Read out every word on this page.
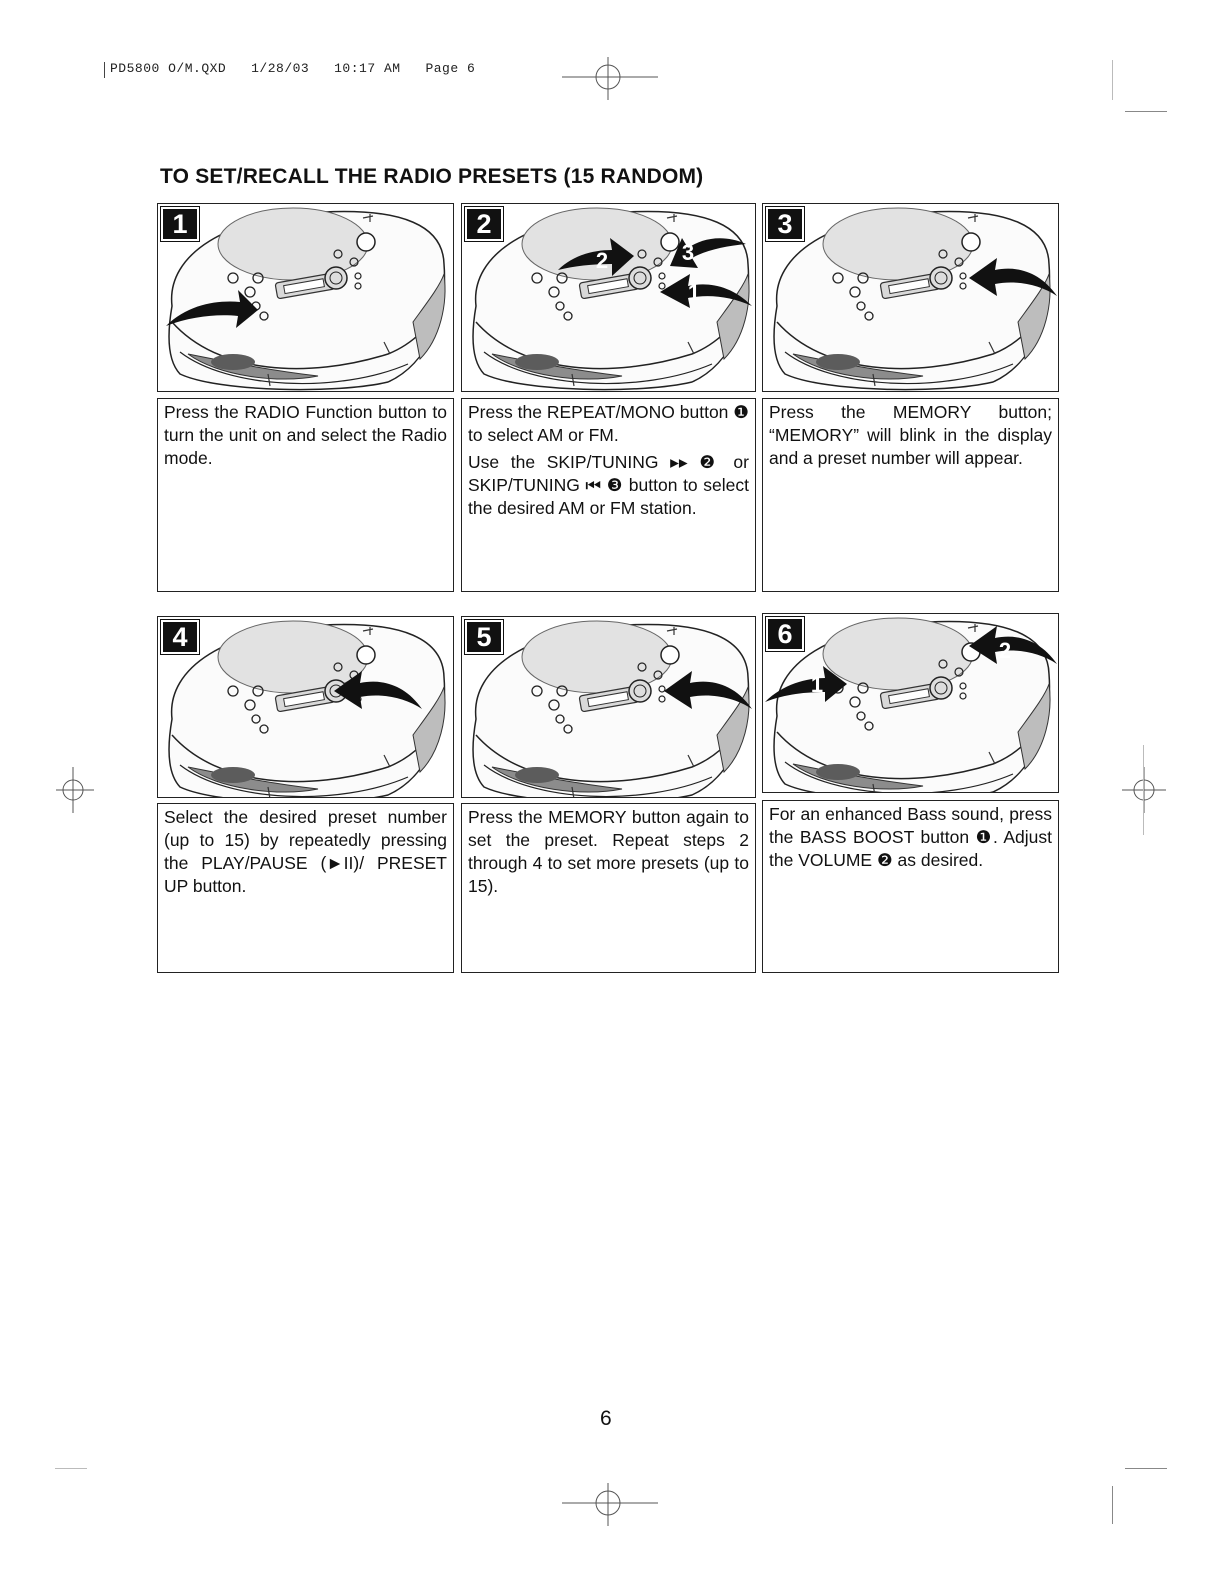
PD5800 O/M.QXD   1/28/03   10:17 AM   Page 6
TO SET/RECALL THE RADIO PRESETS (15 RANDOM)
1
2	3
1
2	3

Press the RADIO Function button to turn the unit on and select the Radio mode.

Press the REPEAT/MONO button ❶ to select AM or FM.

Use the SKIP/TUNING ▸▸ ❷ or SKIP/TUNING ⏮ ❸ button to select the desired AM or FM station.

Press the MEMORY button; “MEMORY” will blink in the display and a preset number will appear.

4	5
1
2
6

Select the desired preset number (up to 15) by repeatedly pressing the PLAY/PAUSE (►II)/ PRESET UP button.

Press the MEMORY button again to set the preset. Repeat steps 2 through 4 to set more presets (up to 15).

For an enhanced Bass sound, press the BASS BOOST button ❶. Adjust the VOLUME ❷ as desired.

6
